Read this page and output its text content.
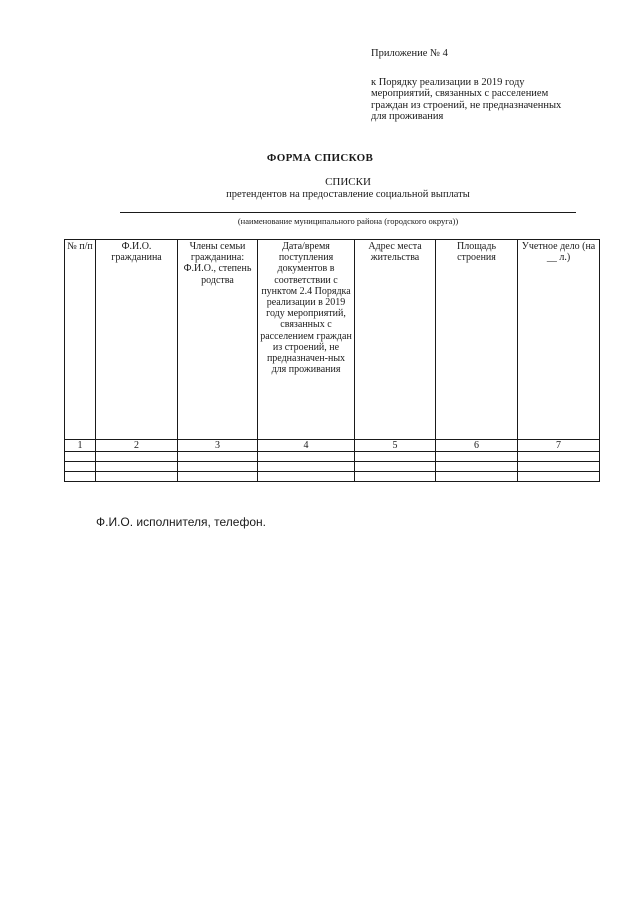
Приложение № 4
к Порядку реализации в 2019 году
мероприятий, связанных с расселением
граждан из строений, не предназначенных
для проживания
ФОРМА СПИСКОВ
СПИСКИ
претендентов на предоставление социальной выплаты
(наименование муниципального района (городского округа))
№ п/п	Ф.И.О. гражданина	Члены семьи гражданина: Ф.И.О., степень родства	Дата/время поступления документов в соответствии с пунктом 2.4 Порядка реализации в 2019 году мероприятий, связанных с расселением граждан из строений, не предназначен-ных для проживания	Адрес места жительства	Площадь строения	Учетное дело (на __ л.)
1	2	3	4	5	6	7

Ф.И.О. исполнителя, телефон.
